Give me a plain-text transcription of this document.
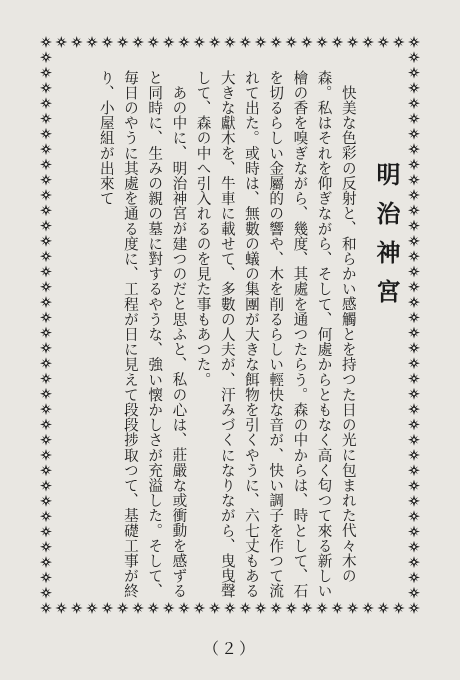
明治神宮

快美な色彩の反射と、和らかい感觸とを持つた日の光に包まれた代々木の森。私はそれを仰ぎながら、そして、何處からともなく高く匂つて來る新しい檜の香を嗅ぎながら、幾度、其處を通つたらう。森の中からは、時として、石を切るらしい金屬的の響や、木を削るらしい輕快な音が、快い調子を作つて流れて出た。或時は、無數の蟻の集團が大きな餌物を引くやうに、六七丈もある大きな獻木を、牛車に載せて、多數の人夫が、汗みづくになりながら、曳曳聲して、森の中へ引入れるのを見た事もあつた。

あの中に、明治神宮が建つのだと思ふと、私の心は、莊嚴な或衝動を感ずると同時に、生みの親の墓に對するやうな、強い懐かしさが充溢した。そして、毎日のやうに其處を通る度に、工程が日に見えて段段捗取つて、基礎工事が終り、小屋組が出來て

（２）
